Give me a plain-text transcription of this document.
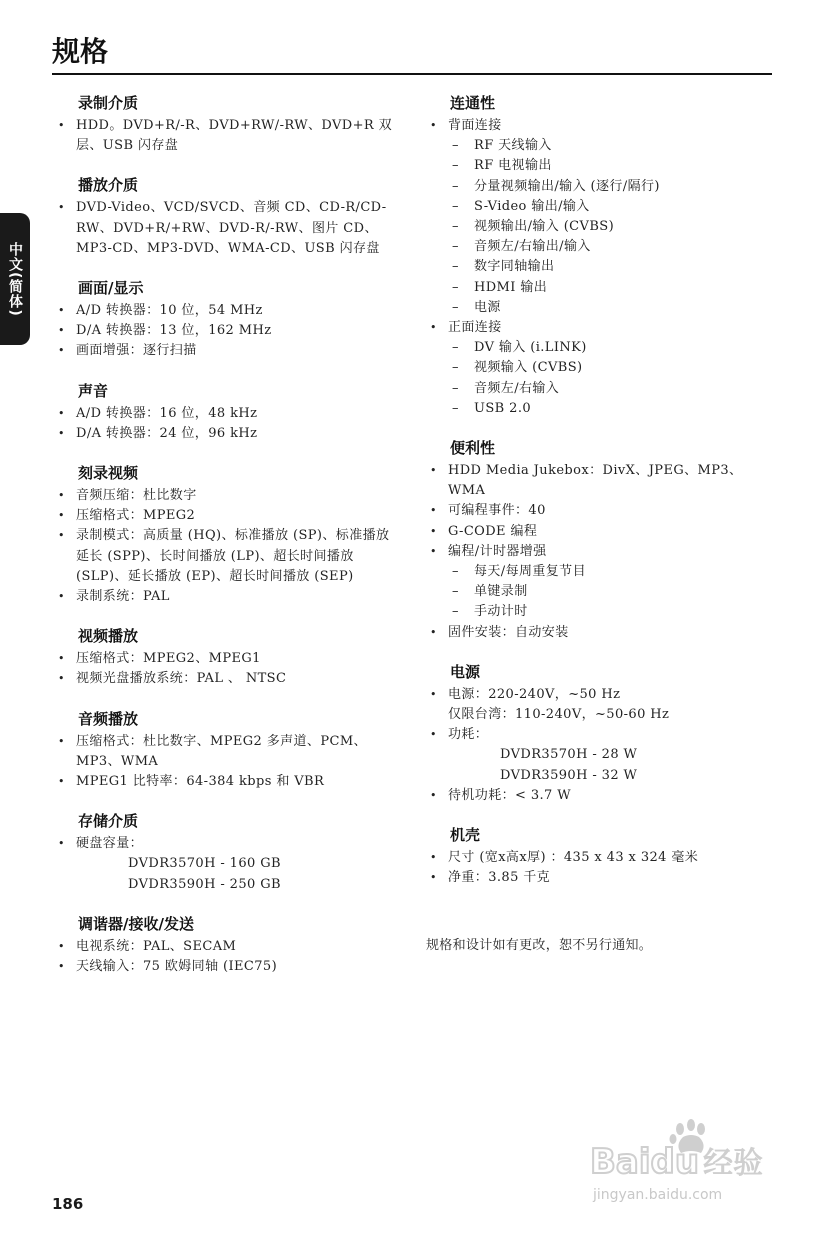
规格
中文(简体)
录制介质
• HDD。DVD+R/-R、DVD+RW/-RW、DVD+R 双层、USB 闪存盘
播放介质
• DVD-Video、VCD/SVCD、音频 CD、CD-R/CD-RW、DVD+R/+RW、DVD-R/-RW、图片 CD、MP3-CD、MP3-DVD、WMA-CD、USB 闪存盘
画面/显示
• A/D 转换器：10 位，54 MHz
• D/A 转换器：13 位，162 MHz
• 画面增强：逐行扫描
声音
• A/D 转换器：16 位，48 kHz
• D/A 转换器：24 位，96 kHz
刻录视频
• 音频压缩：杜比数字
• 压缩格式：MPEG2
• 录制模式：高质量 (HQ)、标准播放 (SP)、标准播放延长 (SPP)、长时间播放 (LP)、超长时间播放 (SLP)、延长播放 (EP)、超长时间播放 (SEP)
• 录制系统：PAL
视频播放
• 压缩格式：MPEG2、MPEG1
• 视频光盘播放系统：PAL 、 NTSC
音频播放
• 压缩格式：杜比数字、MPEG2 多声道、PCM、MP3、WMA
• MPEG1 比特率：64-384 kbps 和 VBR
存储介质
• 硬盘容量：
DVDR3570H - 160 GB
DVDR3590H - 250 GB
调谐器/接收/发送
• 电视系统：PAL、SECAM
• 天线输入：75 欧姆同轴 (IEC75)
连通性
• 背面连接
– RF 天线输入
– RF 电视输出
– 分量视频输出/输入 (逐行/隔行)
– S-Video 输出/输入
– 视频输出/输入 (CVBS)
– 音频左/右输出/输入
– 数字同轴输出
– HDMI 输出
– 电源
• 正面连接
– DV 输入 (i.LINK)
– 视频输入 (CVBS)
– 音频左/右输入
– USB 2.0
便利性
• HDD Media Jukebox：DivX、JPEG、MP3、WMA
• 可编程事件：40
• G-CODE 编程
• 编程/计时器增强
– 每天/每周重复节目
– 单键录制
– 手动计时
• 固件安装：自动安装
电源
• 电源：220-240V，~50 Hz
仅限台湾：110-240V，~50-60 Hz
• 功耗：
DVDR3570H - 28 W
DVDR3590H - 32 W
• 待机功耗：< 3.7 W
机壳
• 尺寸 (宽x高x厚) ：435 x 43 x 324 毫米
• 净重：3.85 千克
规格和设计如有更改，恕不另行通知。
186
Baidu 经验
jingyan.baidu.com
